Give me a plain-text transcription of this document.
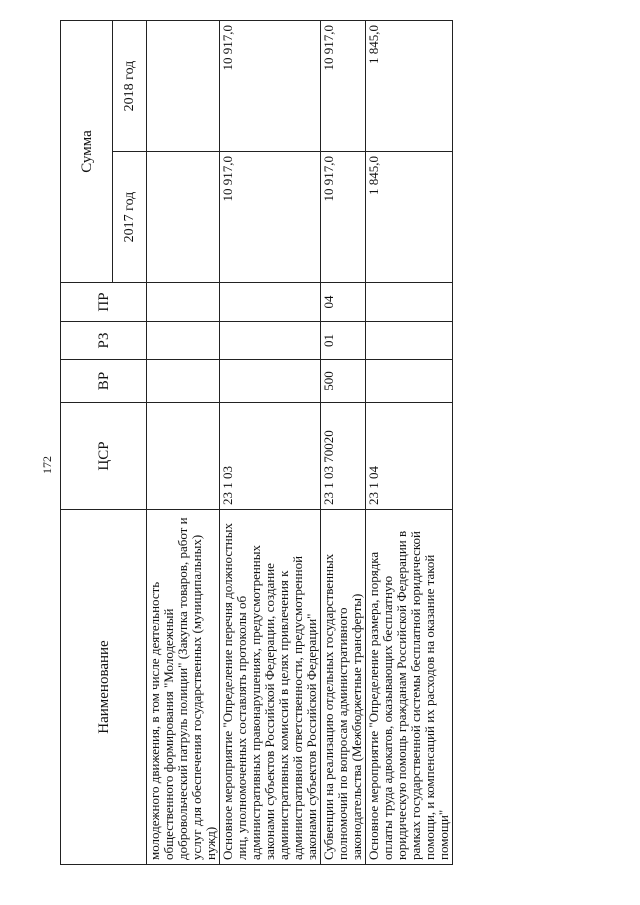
172
Наименование	ЦСР	ВР	РЗ	ПР	Сумма	
					2017 год	2018 год
молодежного движения, в том числе деятельность общественного формирования "Молодежный добровольческий патруль полиции" (Закупка товаров, работ и услуг для обеспечения государственных (муниципальных) нужд)						
Основное мероприятие "Определение перечня должностных лиц, уполномоченных составлять протоколы об административных правонарушениях, предусмотренных законами субъектов Российской Федерации, создание административных комиссий в целях привлечения к административной ответственности, предусмотренной законами субъектов Российской Федерации"	23 1 03				10 917,0	10 917,0
Субвенции на реализацию отдельных государственных полномочий по вопросам административного законодательства (Межбюджетные трансферты)	23 1 03 70020	500	01	04	10 917,0	10 917,0
Основное мероприятие "Определение размера, порядка оплаты труда адвокатов, оказывающих бесплатную юридическую помощь гражданам Российской Федерации в рамках государственной системы бесплатной юридической помощи, и компенсаций их расходов на оказание такой помощи"	23 1 04				1 845,0	1 845,0
